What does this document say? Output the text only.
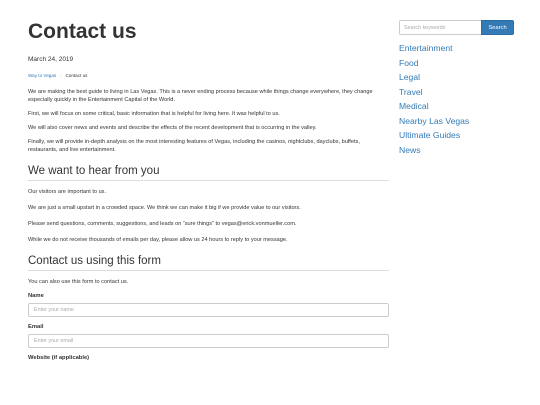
Contact us
March 24, 2019
Way to Vegas / Contact us

We are making the best guide to living in Las Vegas. This is a never ending process because while things change everywhere, they change especially quickly in the Entertainment Capital of the World.

First, we will focus on some critical, basic information that is helpful for living here. It was helpful to us.

We will also cover news and events and describe the effects of the recent development that is occurring in the valley.

Finally, we will provide in-depth analysis on the most interesting features of Vegas, including the casinos, nightclubs, dayclubs, buffets, restaurants, and live entertainment.

We want to hear from you

Our visitors are important to us.

We are just a small upstart in a crowded space. We think we can make it big if we provide value to our visitors.

Please send questions, comments, suggestions, and leads on “sure things” to vegas@erick.vonmueller.com.

While we do not receive thousands of emails per day, please allow us 24 hours to reply to your message.

Contact us using this form

You can also use this form to contact us.

Name
Enter your name
Email
Enter your email
Website (if applicable)
Search keywords
Search
Entertainment
Food
Legal
Travel
Medical
Nearby Las Vegas
Ultimate Guides
News
